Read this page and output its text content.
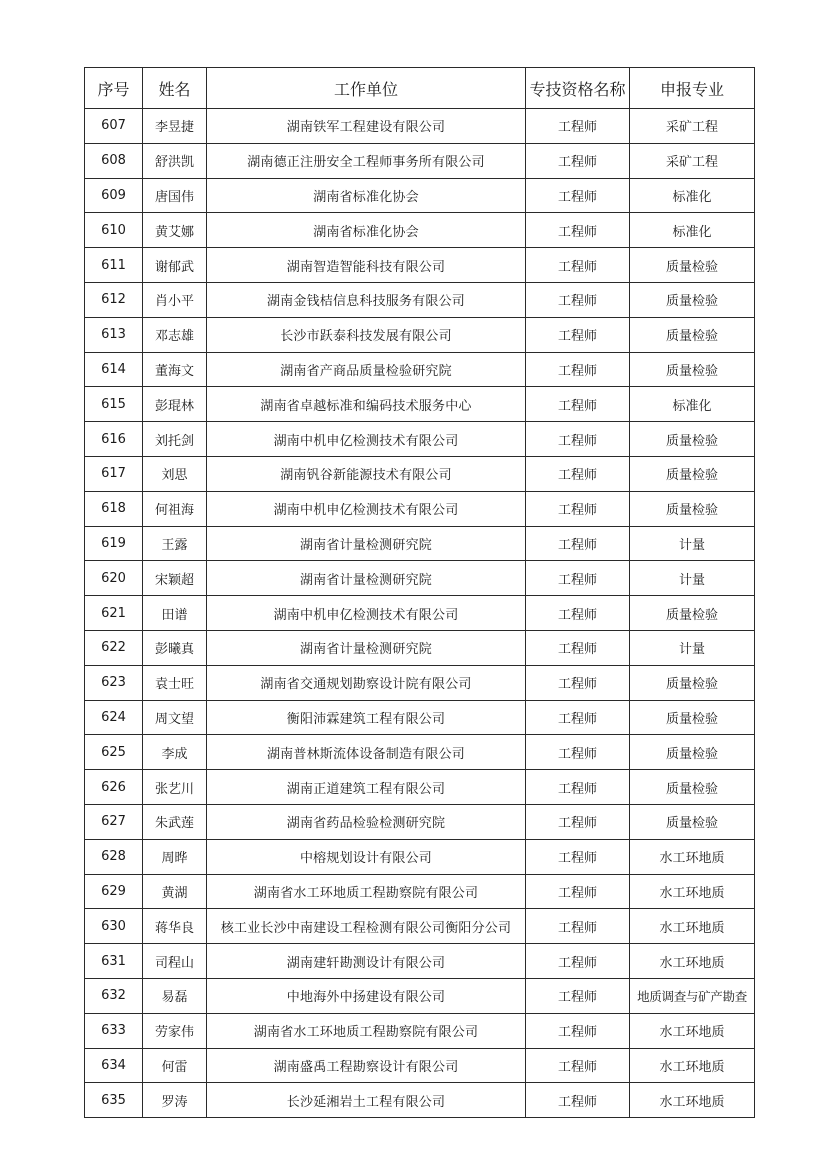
序号	姓名	工作单位	专技资格名称	申报专业
607	李昱捷	湖南铁军工程建设有限公司	工程师	采矿工程
608	舒洪凯	湖南德正注册安全工程师事务所有限公司	工程师	采矿工程
609	唐国伟	湖南省标准化协会	工程师	标准化
610	黄艾娜	湖南省标准化协会	工程师	标准化
611	谢郁武	湖南智造智能科技有限公司	工程师	质量检验
612	肖小平	湖南金钱桔信息科技服务有限公司	工程师	质量检验
613	邓志雄	长沙市跃泰科技发展有限公司	工程师	质量检验
614	董海文	湖南省产商品质量检验研究院	工程师	质量检验
615	彭琨林	湖南省卓越标准和编码技术服务中心	工程师	标准化
616	刘托剑	湖南中机申亿检测技术有限公司	工程师	质量检验
617	刘思	湖南钒谷新能源技术有限公司	工程师	质量检验
618	何祖海	湖南中机申亿检测技术有限公司	工程师	质量检验
619	王露	湖南省计量检测研究院	工程师	计量
620	宋颖超	湖南省计量检测研究院	工程师	计量
621	田谱	湖南中机申亿检测技术有限公司	工程师	质量检验
622	彭曦真	湖南省计量检测研究院	工程师	计量
623	袁士旺	湖南省交通规划勘察设计院有限公司	工程师	质量检验
624	周文望	衡阳沛霖建筑工程有限公司	工程师	质量检验
625	李成	湖南普林斯流体设备制造有限公司	工程师	质量检验
626	张艺川	湖南正道建筑工程有限公司	工程师	质量检验
627	朱武莲	湖南省药品检验检测研究院	工程师	质量检验
628	周晔	中榕规划设计有限公司	工程师	水工环地质
629	黄湖	湖南省水工环地质工程勘察院有限公司	工程师	水工环地质
630	蒋华良	核工业长沙中南建设工程检测有限公司衡阳分公司	工程师	水工环地质
631	司程山	湖南建轩勘测设计有限公司	工程师	水工环地质
632	易磊	中地海外中扬建设有限公司	工程师	地质调查与矿产勘查
633	劳家伟	湖南省水工环地质工程勘察院有限公司	工程师	水工环地质
634	何雷	湖南盛禹工程勘察设计有限公司	工程师	水工环地质
635	罗涛	长沙延湘岩土工程有限公司	工程师	水工环地质
